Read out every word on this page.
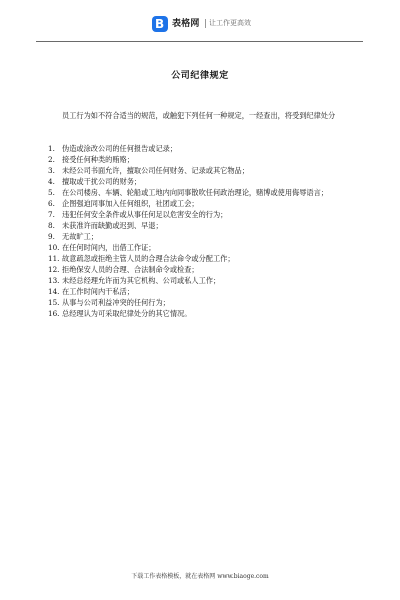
B 表格网 让工作更高效
公司纪律规定
员工行为如不符合适当的规范，或触犯下列任何一种规定，一经查出，将受到纪律处分
1. 伪造或涂改公司的任何报告或记录；
2. 接受任何种类的贿赂；
3. 未经公司书面允许，擅取公司任何财务、记录或其它物品；
4. 擅取或干扰公司的财务；
5. 在公司楼房、车辆、轮船或工地内向同事散吹任何政治理论，赌博或使用侮辱语言；
6. 企图强迫同事加入任何组织，社团或工会；
7. 违犯任何安全条件或从事任何足以危害安全的行为；
8. 未获准许而缺勤或迟到、早退；
9. 无故旷工；
10. 在任何时间内，出借工作证；
11. 故意疏忽或拒绝主管人员的合理合法命令或分配工作；
12. 拒绝保安人员的合理、合法制命令或检查；
13. 未经总经理允许而为其它机构、公司或私人工作；
14. 在工作时间内干私活；
15. 从事与公司利益冲突的任何行为；
16. 总经理认为可采取纪律处分的其它情况。
下载工作表格模板，就在表格网 www.biaoge.com
